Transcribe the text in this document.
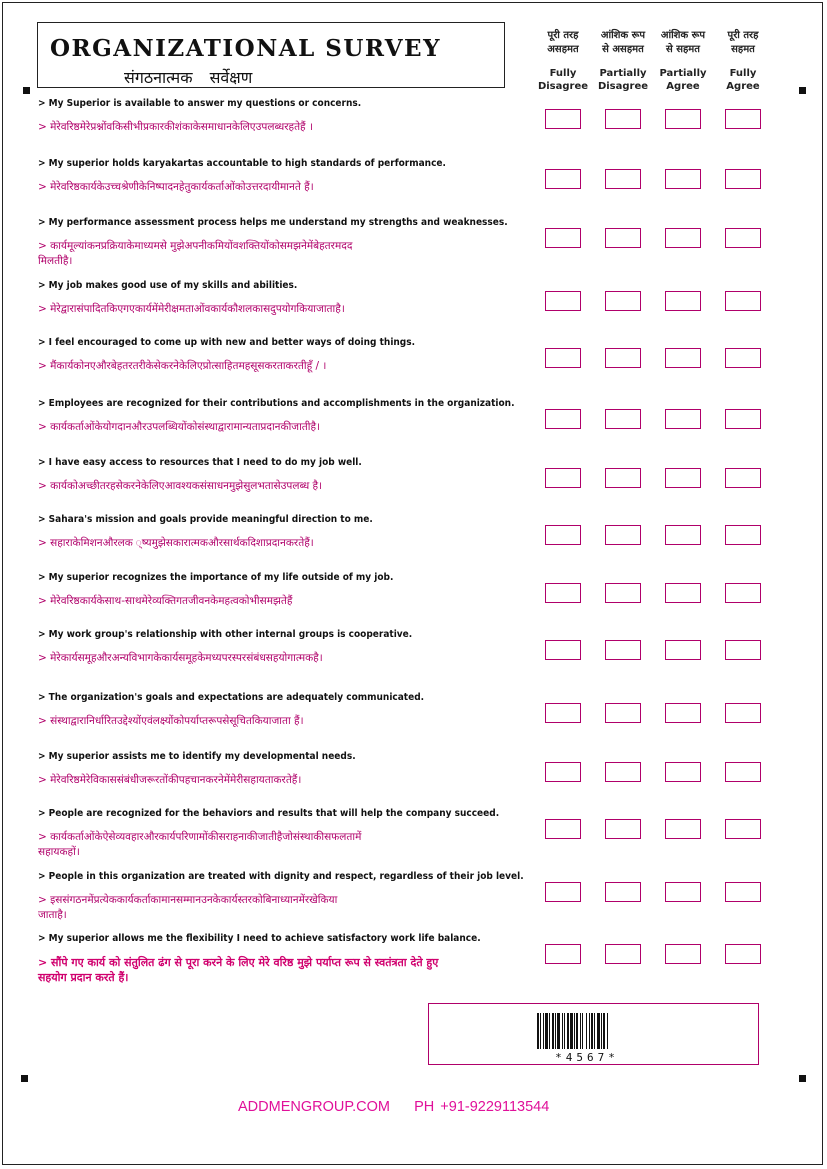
ORGANIZATIONAL SURVEY
संगठनात्मक सर्वेक्षण
पूरी तरह
असहमत
Fully
Disagree
आंशिक रूप
से असहमत
Partially
Disagree
आंशिक रूप
से सहमत
Partially
Agree
पूरी तरह
सहमत
Fully
Agree
> My Superior is available to answer my questions or concerns.
> मेरेवरिष्ठमेरेप्रश्नोंवकिसीभीप्रकारकीशंकाकेसमाधानकेलिएउपलब्धरहतेहैं ।
> My superior holds karyakartas accountable to high standards of performance.
> मेरेवरिष्ठकार्यकेउच्चश्रेणीकेनिष्पादनहेतुकार्यकर्ताओंकोउत्तरदायीमानते हैं।
> My performance assessment process helps me understand my strengths and weaknesses.
> कार्यमूल्यांकनप्रक्रियाकेमाध्यमसे मुझेअपनीकमियोंवशक्तियोंकोसमझनेमेंबेहतरमदद
मिलतीहै।
> My job makes good use of my skills and abilities.
> मेरेद्वारासंपादितकिएगएकार्यमेंमेरीक्षमताओंवकार्यकौशलकासदुपयोगकियाजाताहै।
> I feel encouraged to come up with new and better ways of doing things.
> मैंकार्यकोनएऔरबेहतरतरीकेसेकरनेकेलिएप्रोत्साहितमहसूसकरताकरतीहूँ / ।
> Employees are recognized for their contributions and accomplishments in the organization.
> कार्यकर्ताओंकेयोगदानऔरउपलब्धियोंकोसंस्थाद्वारामान्यताप्रदानकीजातीहै।
> I have easy access to resources that I need to do my job well.
> कार्यकोअच्छीतरहसेकरनेकेलिएआवश्यकसंसाधनमुझेसुलभतासेउपलब्ध है।
> Sahara's mission and goals provide meaningful direction to me.
> सहाराकेमिशनऔरलक ्ष्यमुझेसकारात्मकऔरसार्थकदिशाप्रदानकरतेहैं।
> My superior recognizes the importance of my life outside of my job.
> मेरेवरिष्ठकार्यकेसाथ-साथमेरेव्यक्तिगतजीवनकेमहत्वकोभीसमझतेहैं
> My work group's relationship with other internal groups is cooperative.
> मेरेकार्यसमूहऔरअन्यविभागकेकार्यसमूहकेमध्यपरस्परसंबंधसहयोगात्मकहै।
> The organization's goals and expectations are adequately communicated.
> संस्थाद्वारानिर्धारितउद्देश्योंएवंलक्ष्योंकोपर्याप्तरूपसेसूचितकियाजाता हैं।
> My superior assists me to identify my developmental needs.
> मेरेवरिष्ठमेरेविकाससंबंधीजरूरतोंकीपहचानकरनेमेंमेरीसहायताकरतेहैं।
> People are recognized for the behaviors and results that will help the company succeed.
> कार्यकर्ताओंकेऐसेव्यवहारऔरकार्यपरिणामोंकीसराहनाकीजातीहैजोसंस्थाकीसफलतामें
सहायकहों।
> People in this organization are treated with dignity and respect, regardless of their job level.
> इससंगठनमेंप्रत्येककार्यकर्ताकामानसम्मानउनकेकार्यस्तरकोबिनाध्यानमेंरखेकिया
जाताहै।
> My superior allows me the flexibility I need to achieve satisfactory work life balance.
> सौंपे गए कार्य को संतुलित ढंग से पूरा करने के लिए मेरे वरिष्ठ मुझे पर्याप्त रूप से स्वतंत्रता देते हुए
सहयोग प्रदान करते हैं।
*4567*
ADDMENGROUP.COM PH +91-9229113544
